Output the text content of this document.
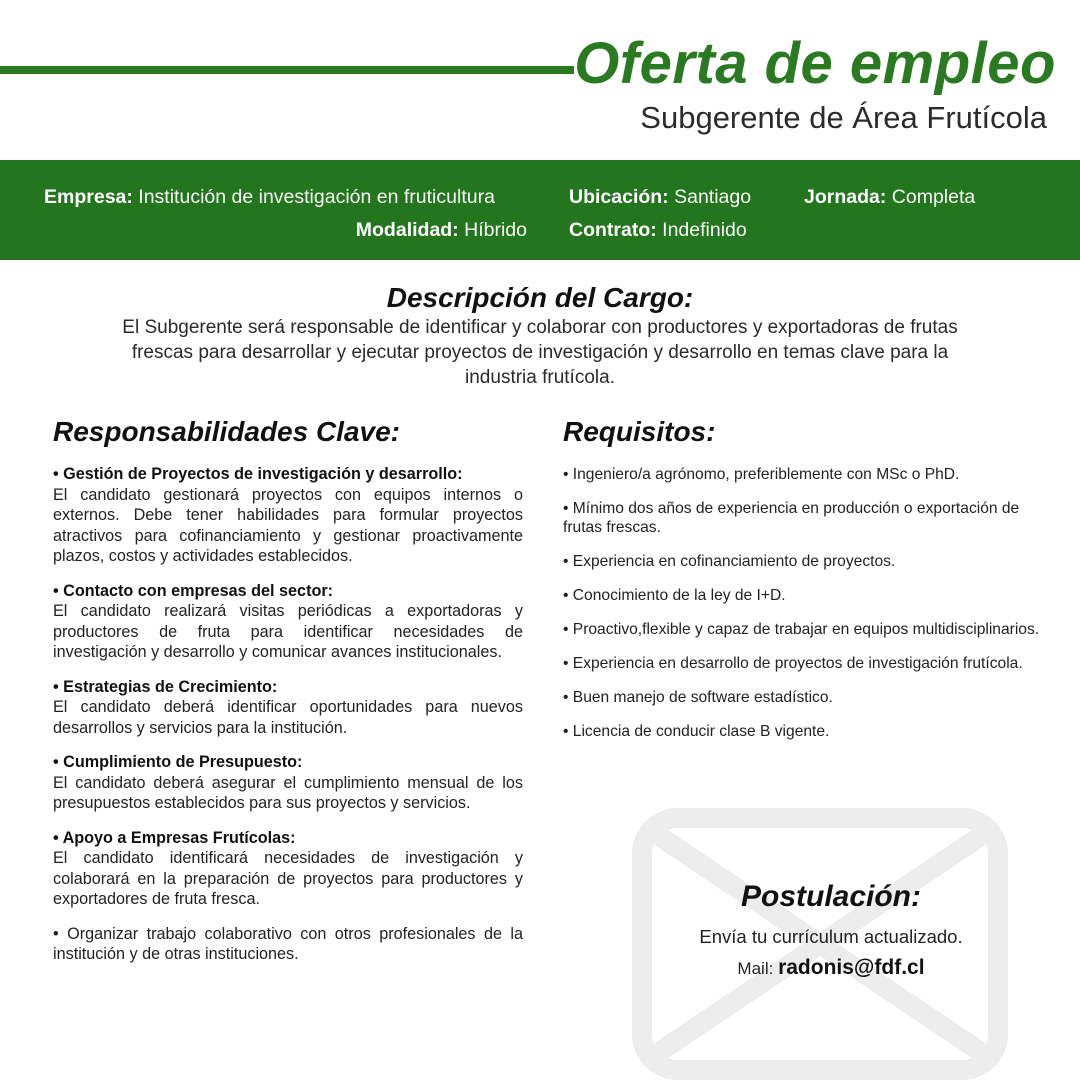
Oferta de empleo
Subgerente de Área Frutícola
Empresa: Institución de investigación en fruticultura	Ubicación: Santiago	Jornada: Completa
Modalidad: Híbrido Contrato: Indefinido
Descripción del Cargo:
El Subgerente será responsable de identificar y colaborar con productores y exportadoras de frutas frescas para desarrollar y ejecutar proyectos de investigación y desarrollo en temas clave para la industria frutícola.
Responsabilidades Clave:
• Gestión de Proyectos de investigación y desarrollo:
El candidato gestionará proyectos con equipos internos o externos. Debe tener habilidades para formular proyectos atractivos para cofinanciamiento y gestionar proactivamente plazos, costos y actividades establecidos.
• Contacto con empresas del sector:
El candidato realizará visitas periódicas a exportadoras y productores de fruta para identificar necesidades de investigación y desarrollo y comunicar avances institucionales.
• Estrategias de Crecimiento:
El candidato deberá identificar oportunidades para nuevos desarrollos y servicios para la institución.
• Cumplimiento de Presupuesto:
El candidato deberá asegurar el cumplimiento mensual de los presupuestos establecidos para sus proyectos y servicios.
• Apoyo a Empresas Frutícolas:
El candidato identificará necesidades de investigación y colaborará en la preparación de proyectos para productores y exportadores de fruta fresca.
• Organizar trabajo colaborativo con otros profesionales de la institución y de otras instituciones.
Requisitos:
• Ingeniero/a agrónomo, preferiblemente con MSc o PhD.
• Mínimo dos años de experiencia en producción o exportación de frutas frescas.
• Experiencia en cofinanciamiento de proyectos.
• Conocimiento de la ley de I+D.
• Proactivo,flexible y capaz de trabajar en equipos multidisciplinarios.
• Experiencia en desarrollo de proyectos de investigación frutícola.
• Buen manejo de software estadístico.
• Licencia de conducir clase B vigente.
Postulación:
Envía tu currículum actualizado.
Mail: radonis@fdf.cl
